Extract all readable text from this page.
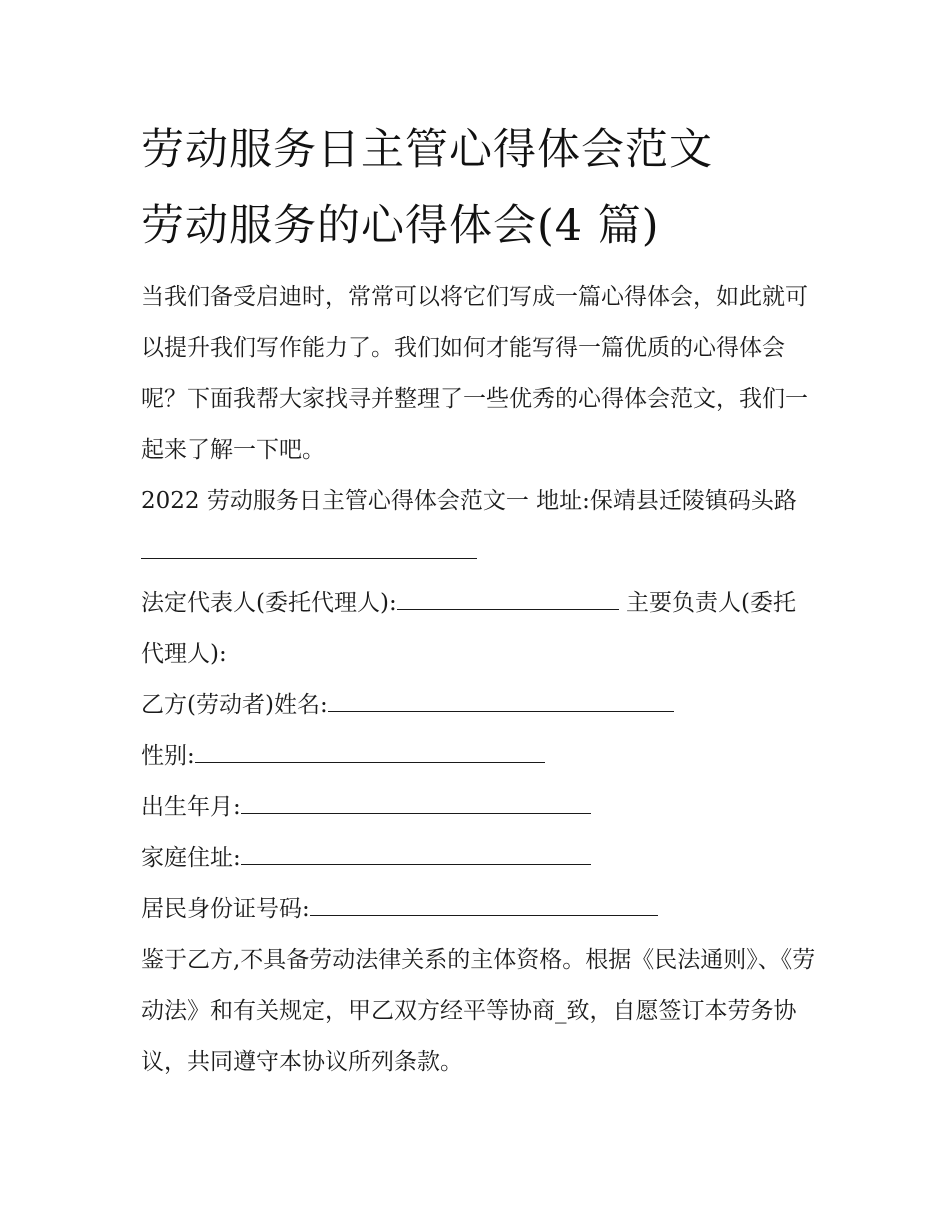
劳动服务日主管心得体会范文
劳动服务的心得体会(4 篇)

当我们备受启迪时，常常可以将它们写成一篇心得体会，如此就可以提升我们写作能力了。我们如何才能写得一篇优质的心得体会呢？下面我帮大家找寻并整理了一些优秀的心得体会范文，我们一起来了解一下吧。

2022 劳动服务日主管心得体会范文一 地址:保靖县迁陵镇码头路

法定代表人(委托代理人):	主要负责人(委托代理人):

乙方(劳动者)姓名:

性别:

出生年月:

家庭住址:

居民身份证号码:

鉴于乙方,不具备劳动法律关系的主体资格。根据《民法通则》、《劳动法》和有关规定，甲乙双方经平等协商_致，自愿签订本劳务协议，共同遵守本协议所列条款。
